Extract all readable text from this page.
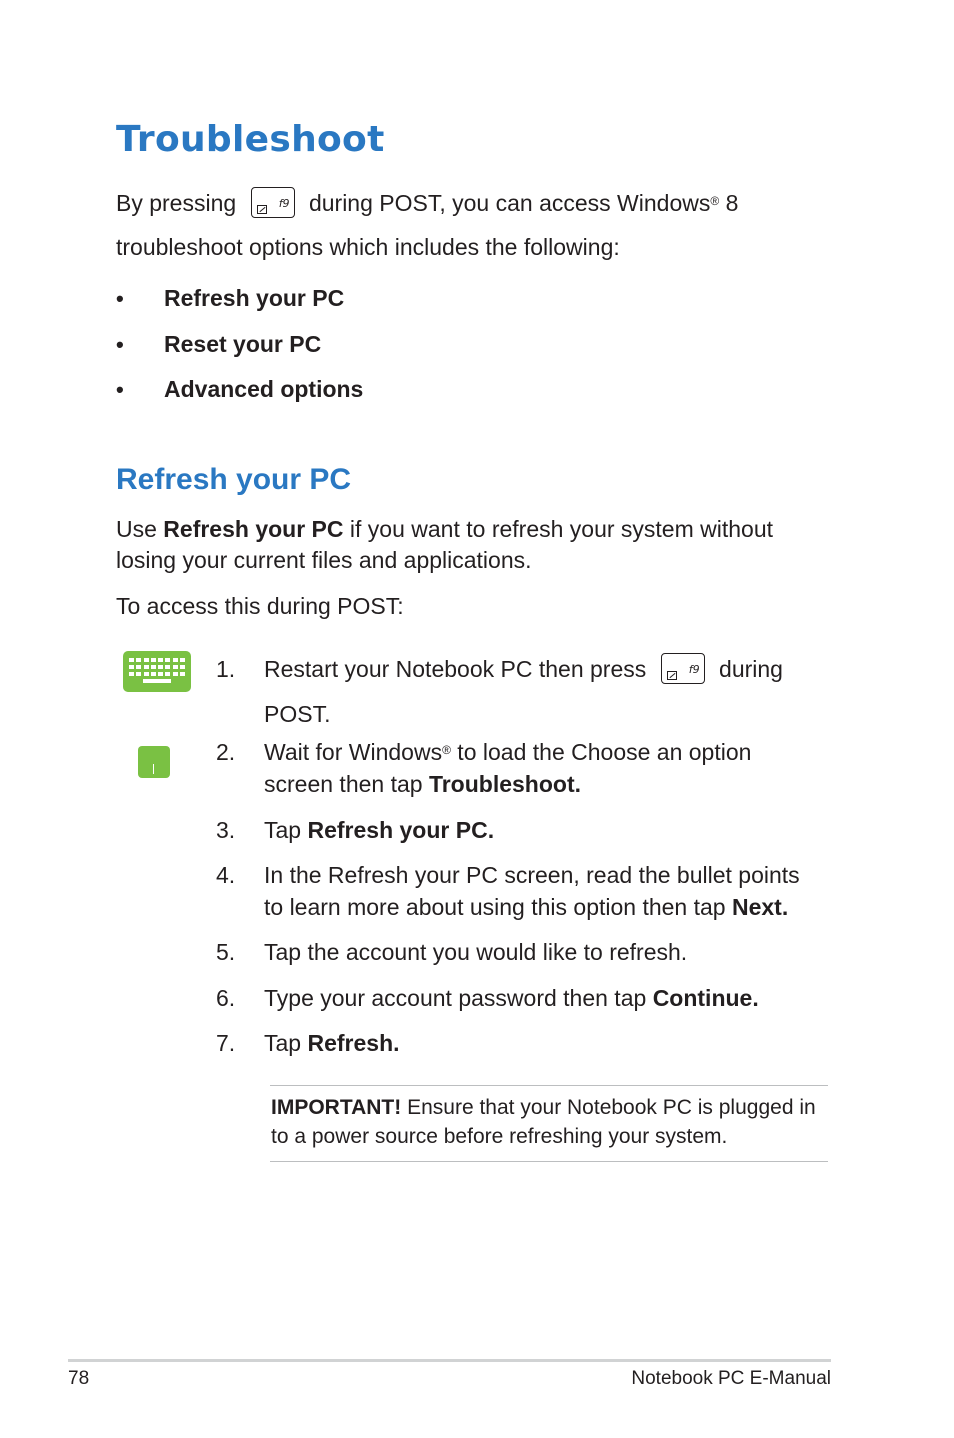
Troubleshoot
By pressing	f9 during POST, you can access Windows® 8
troubleshoot options which includes the following:
• Refresh your PC
• Reset your PC
• Advanced options
Refresh your PC
Use Refresh your PC if you want to refresh your system without
losing your current files and applications.
To access this during POST:
1.	Restart your Notebook PC then press	f9 during
POST.
2.	Wait for Windows® to load the Choose an option
screen then tap Troubleshoot.
3.	Tap Refresh your PC.
4.	In the Refresh your PC screen, read the bullet points
to learn more about using this option then tap Next.
5.	Tap the account you would like to refresh.
6.	Type your account password then tap Continue.
7.	Tap Refresh.
IMPORTANT! Ensure that your Notebook PC is plugged in
to a power source before refreshing your system.
78	Notebook PC E-Manual
